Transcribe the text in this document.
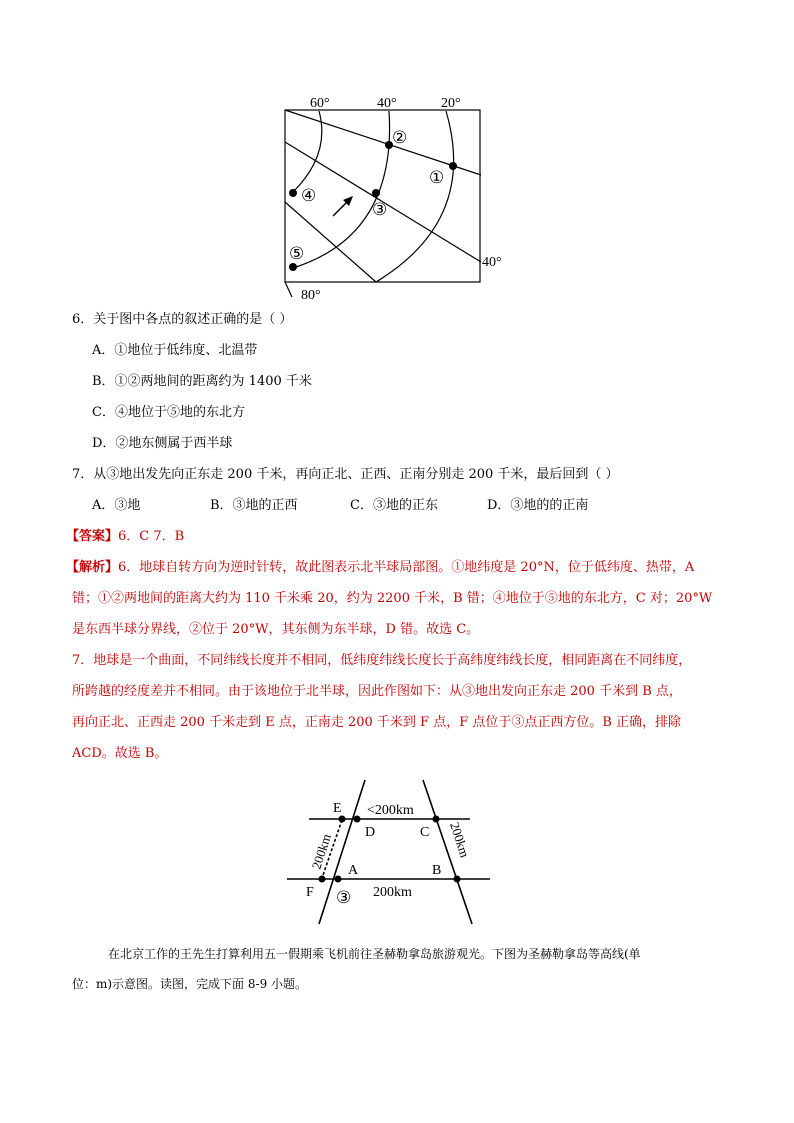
60°	40°	20°
40°
80°
①
②
③
④
⑤
6．关于图中各点的叙述正确的是（ ）
A．①地位于低纬度、北温带
B．①②两地间的距离约为 1400 千米
C．④地位于⑤地的东北方
D．②地东侧属于西半球
7．从③地出发先向正东走 200 千米，再向正北、正西、正南分别走 200 千米，最后回到（ ）
A．③地	B．③地的正西	C．③地的正东	D．③地的的正南
【答案】6．C 7．B
【解析】6．地球自转方向为逆时针转，故此图表示北半球局部图。①地纬度是 20°N，位于低纬度、热带，A
错；①②两地间的距离大约为 110 千米乘 20，约为 2200 千米，B 错；④地位于⑤地的东北方，C 对；20°W
是东西半球分界线，②位于 20°W，其东侧为东半球，D 错。故选 C。
7．地球是一个曲面，不同纬线长度并不相同，低纬度纬线长度长于高纬度纬线长度，相同距离在不同纬度，
所跨越的经度差并不相同。由于该地位于北半球，因此作图如下：从③地出发向正东走 200 千米到 B 点，
再向正北、正西走 200 千米走到 E 点，正南走 200 千米到 F 点，F 点位于③点正西方位。B 正确，排除
ACD。故选 B。
E <200km
D	C
A	B
F ③ 200km
200km	200km
在北京工作的王先生打算利用五一假期乘飞机前往圣赫勒拿岛旅游观光。下图为圣赫勒拿岛等高线(单
位：m)示意图。读图，完成下面 8-9 小题。
